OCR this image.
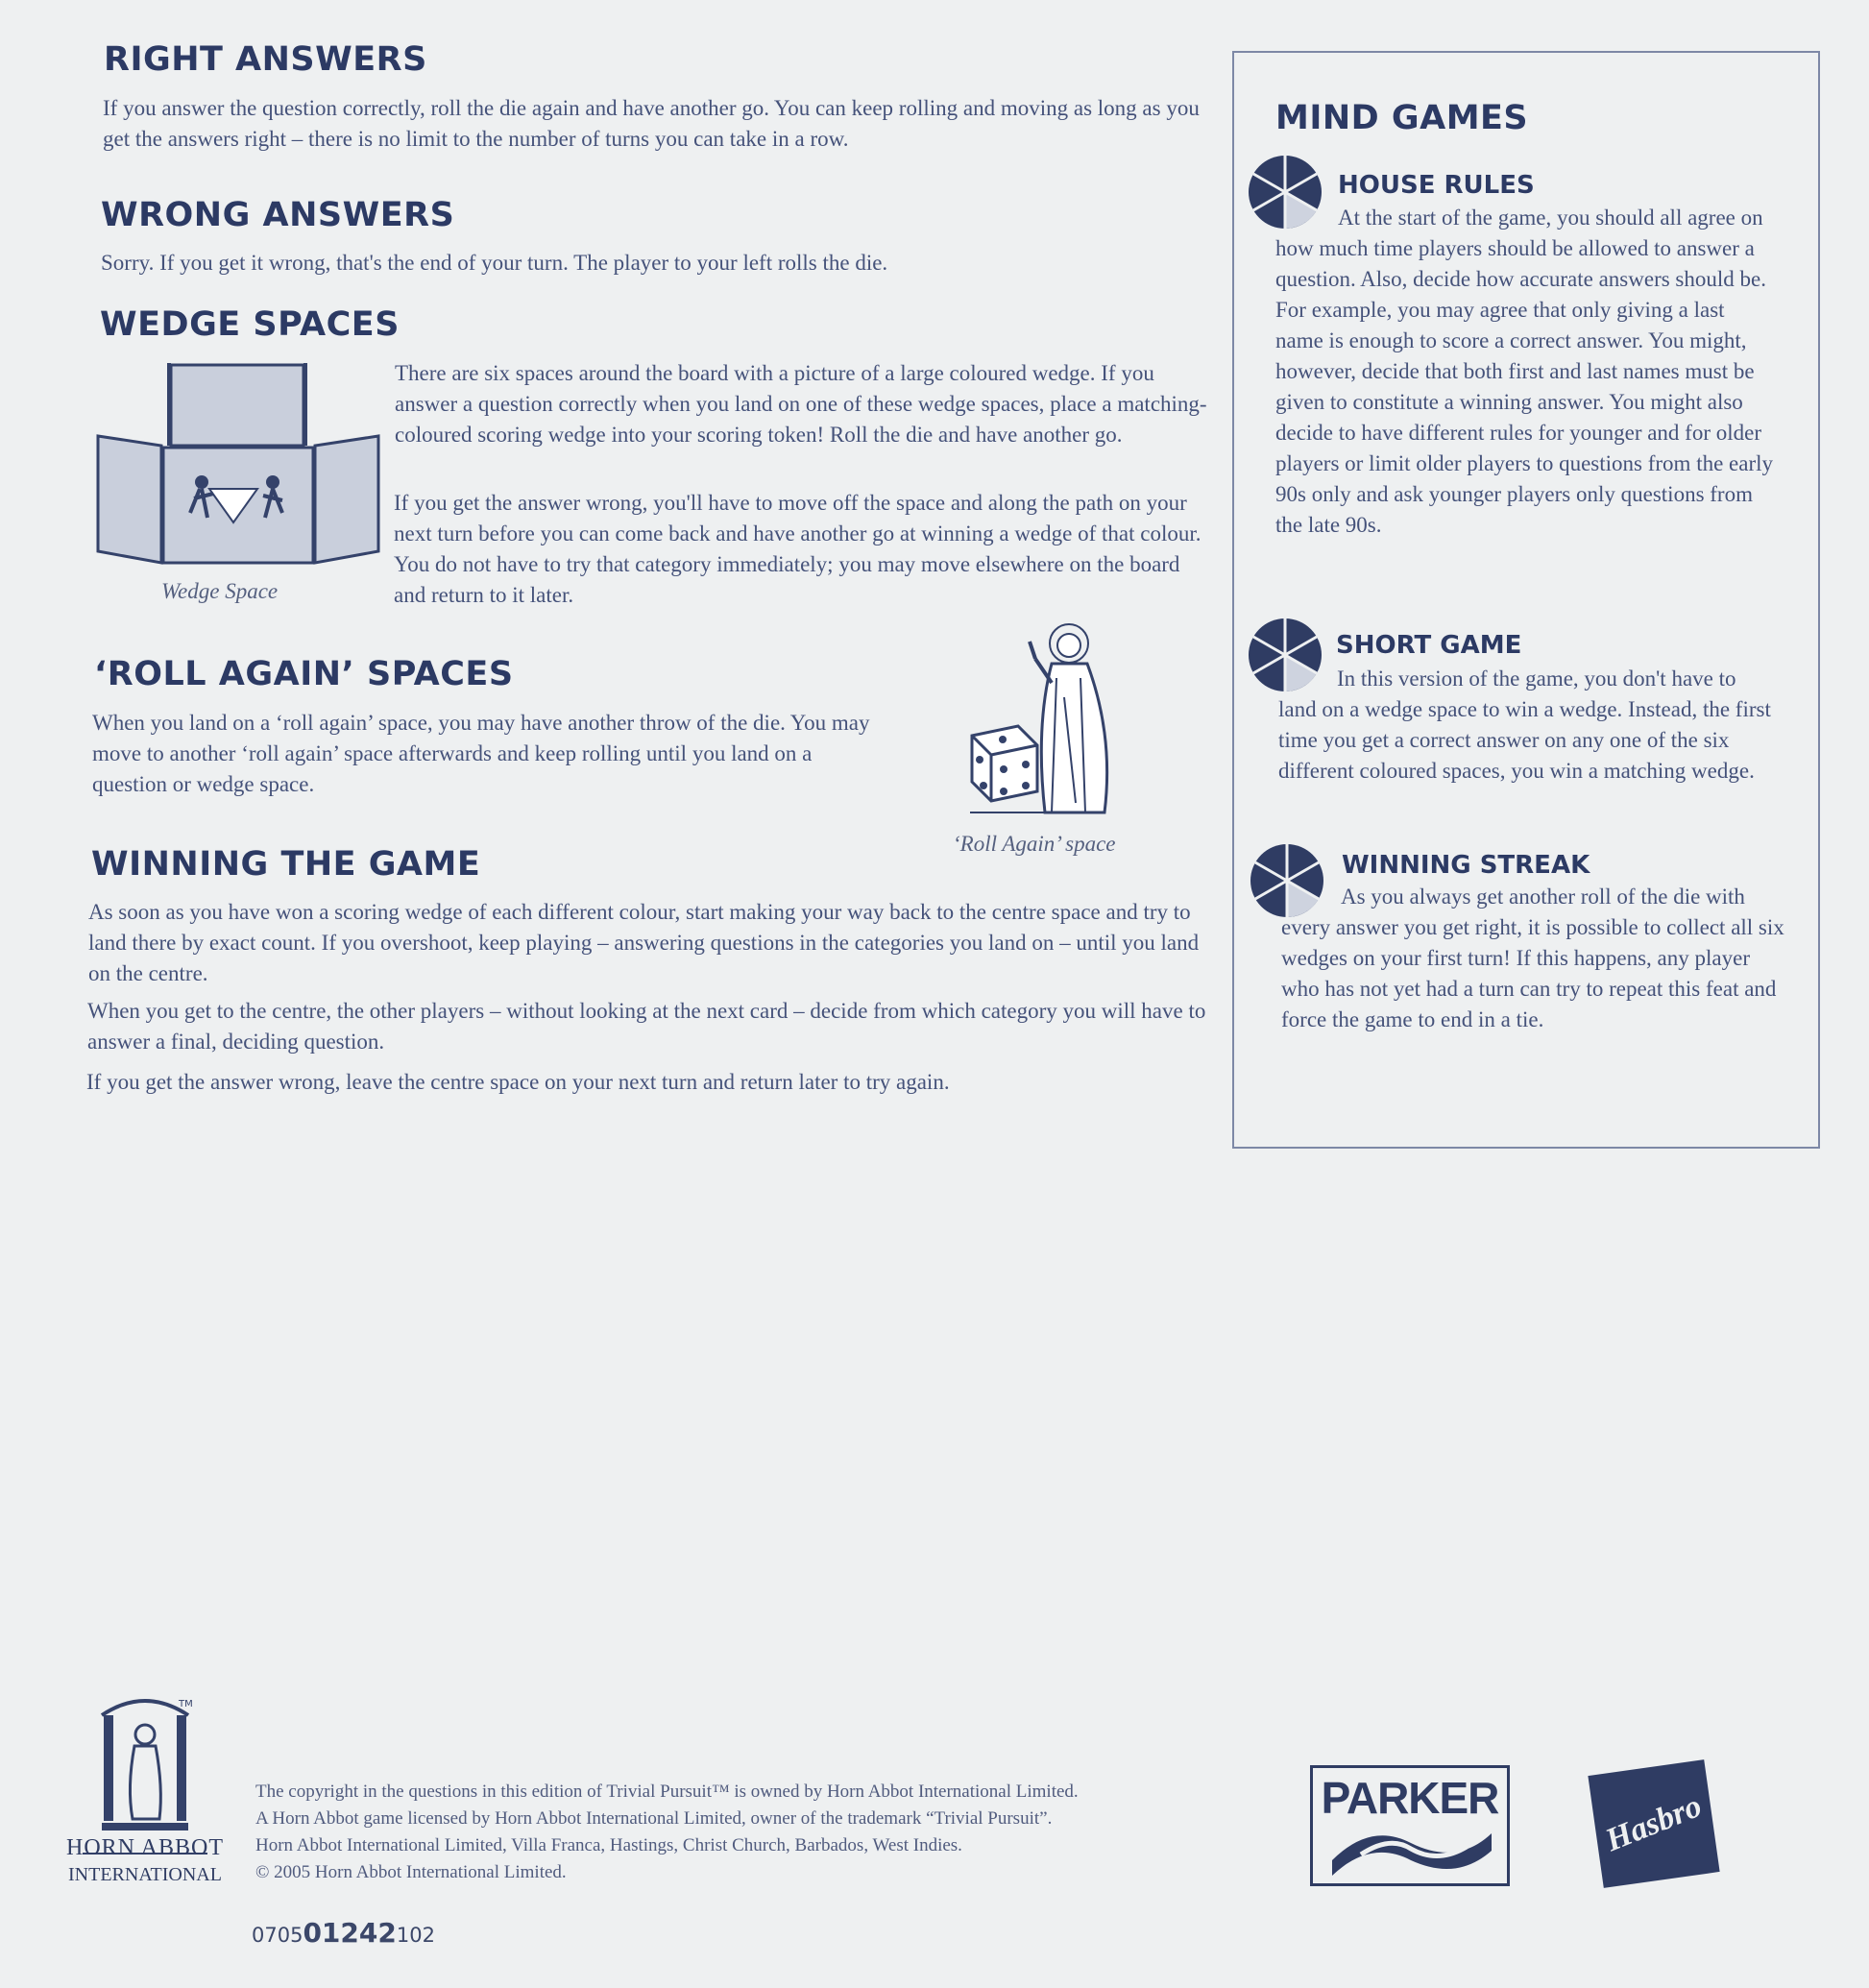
RIGHT ANSWERS

If you answer the question correctly, roll the die again and have another go. You can keep rolling and moving as long as you get the answers right – there is no limit to the number of turns you can take in a row.

WRONG ANSWERS

Sorry. If you get it wrong, that's the end of your turn. The player to your left rolls the die.

WEDGE SPACES
Wedge Space

There are six spaces around the board with a picture of a large coloured wedge. If you answer a question correctly when you land on one of these wedge spaces, place a matching-coloured scoring wedge into your scoring token! Roll the die and have another go.

If you get the answer wrong, you'll have to move off the space and along the path on your next turn before you can come back and have another go at winning a wedge of that colour. You do not have to try that category immediately; you may move elsewhere on the board and return to it later.

‘ROLL AGAIN’ SPACES

When you land on a ‘roll again’ space, you may have another throw of the die. You may move to another ‘roll again’ space afterwards and keep rolling until you land on a question or wedge space.

‘Roll Again’ space
WINNING THE GAME

As soon as you have won a scoring wedge of each different colour, start making your way back to the centre space and try to land there by exact count. If you overshoot, keep playing – answering questions in the categories you land on – until you land on the centre.

When you get to the centre, the other players – without looking at the next card – decide from which category you will have to answer a final, deciding question.

If you get the answer wrong, leave the centre space on your next turn and return later to try again.

MIND GAMES
HOUSE RULES

At the start of the game, you should all agree on how much time players should be allowed to answer a question. Also, decide how accurate answers should be. For example, you may agree that only giving a last name is enough to score a correct answer. You might, however, decide that both first and last names must be given to constitute a winning answer. You might also decide to have different rules for younger and for older players or limit older players to questions from the early 90s only and ask younger players only questions from the late 90s.

SHORT GAME

In this version of the game, you don't have to land on a wedge space to win a wedge. Instead, the first time you get a correct answer on any one of the six different coloured spaces, you win a matching wedge.

WINNING STREAK

As you always get another roll of the die with every answer you get right, it is possible to collect all six wedges on your first turn! If this happens, any player who has not yet had a turn can try to repeat this feat and force the game to end in a tie.

TM
HORN ABBOT
INTERNATIONAL
The copyright in the questions in this edition of Trivial Pursuit™ is owned by Horn Abbot International Limited.
A Horn Abbot game licensed by Horn Abbot International Limited, owner of the trademark “Trivial Pursuit”.
Horn Abbot International Limited, Villa Franca, Hastings, Christ Church, Barbados, West Indies.
© 2005 Horn Abbot International Limited.
070501242102
PARKER	Hasbro
